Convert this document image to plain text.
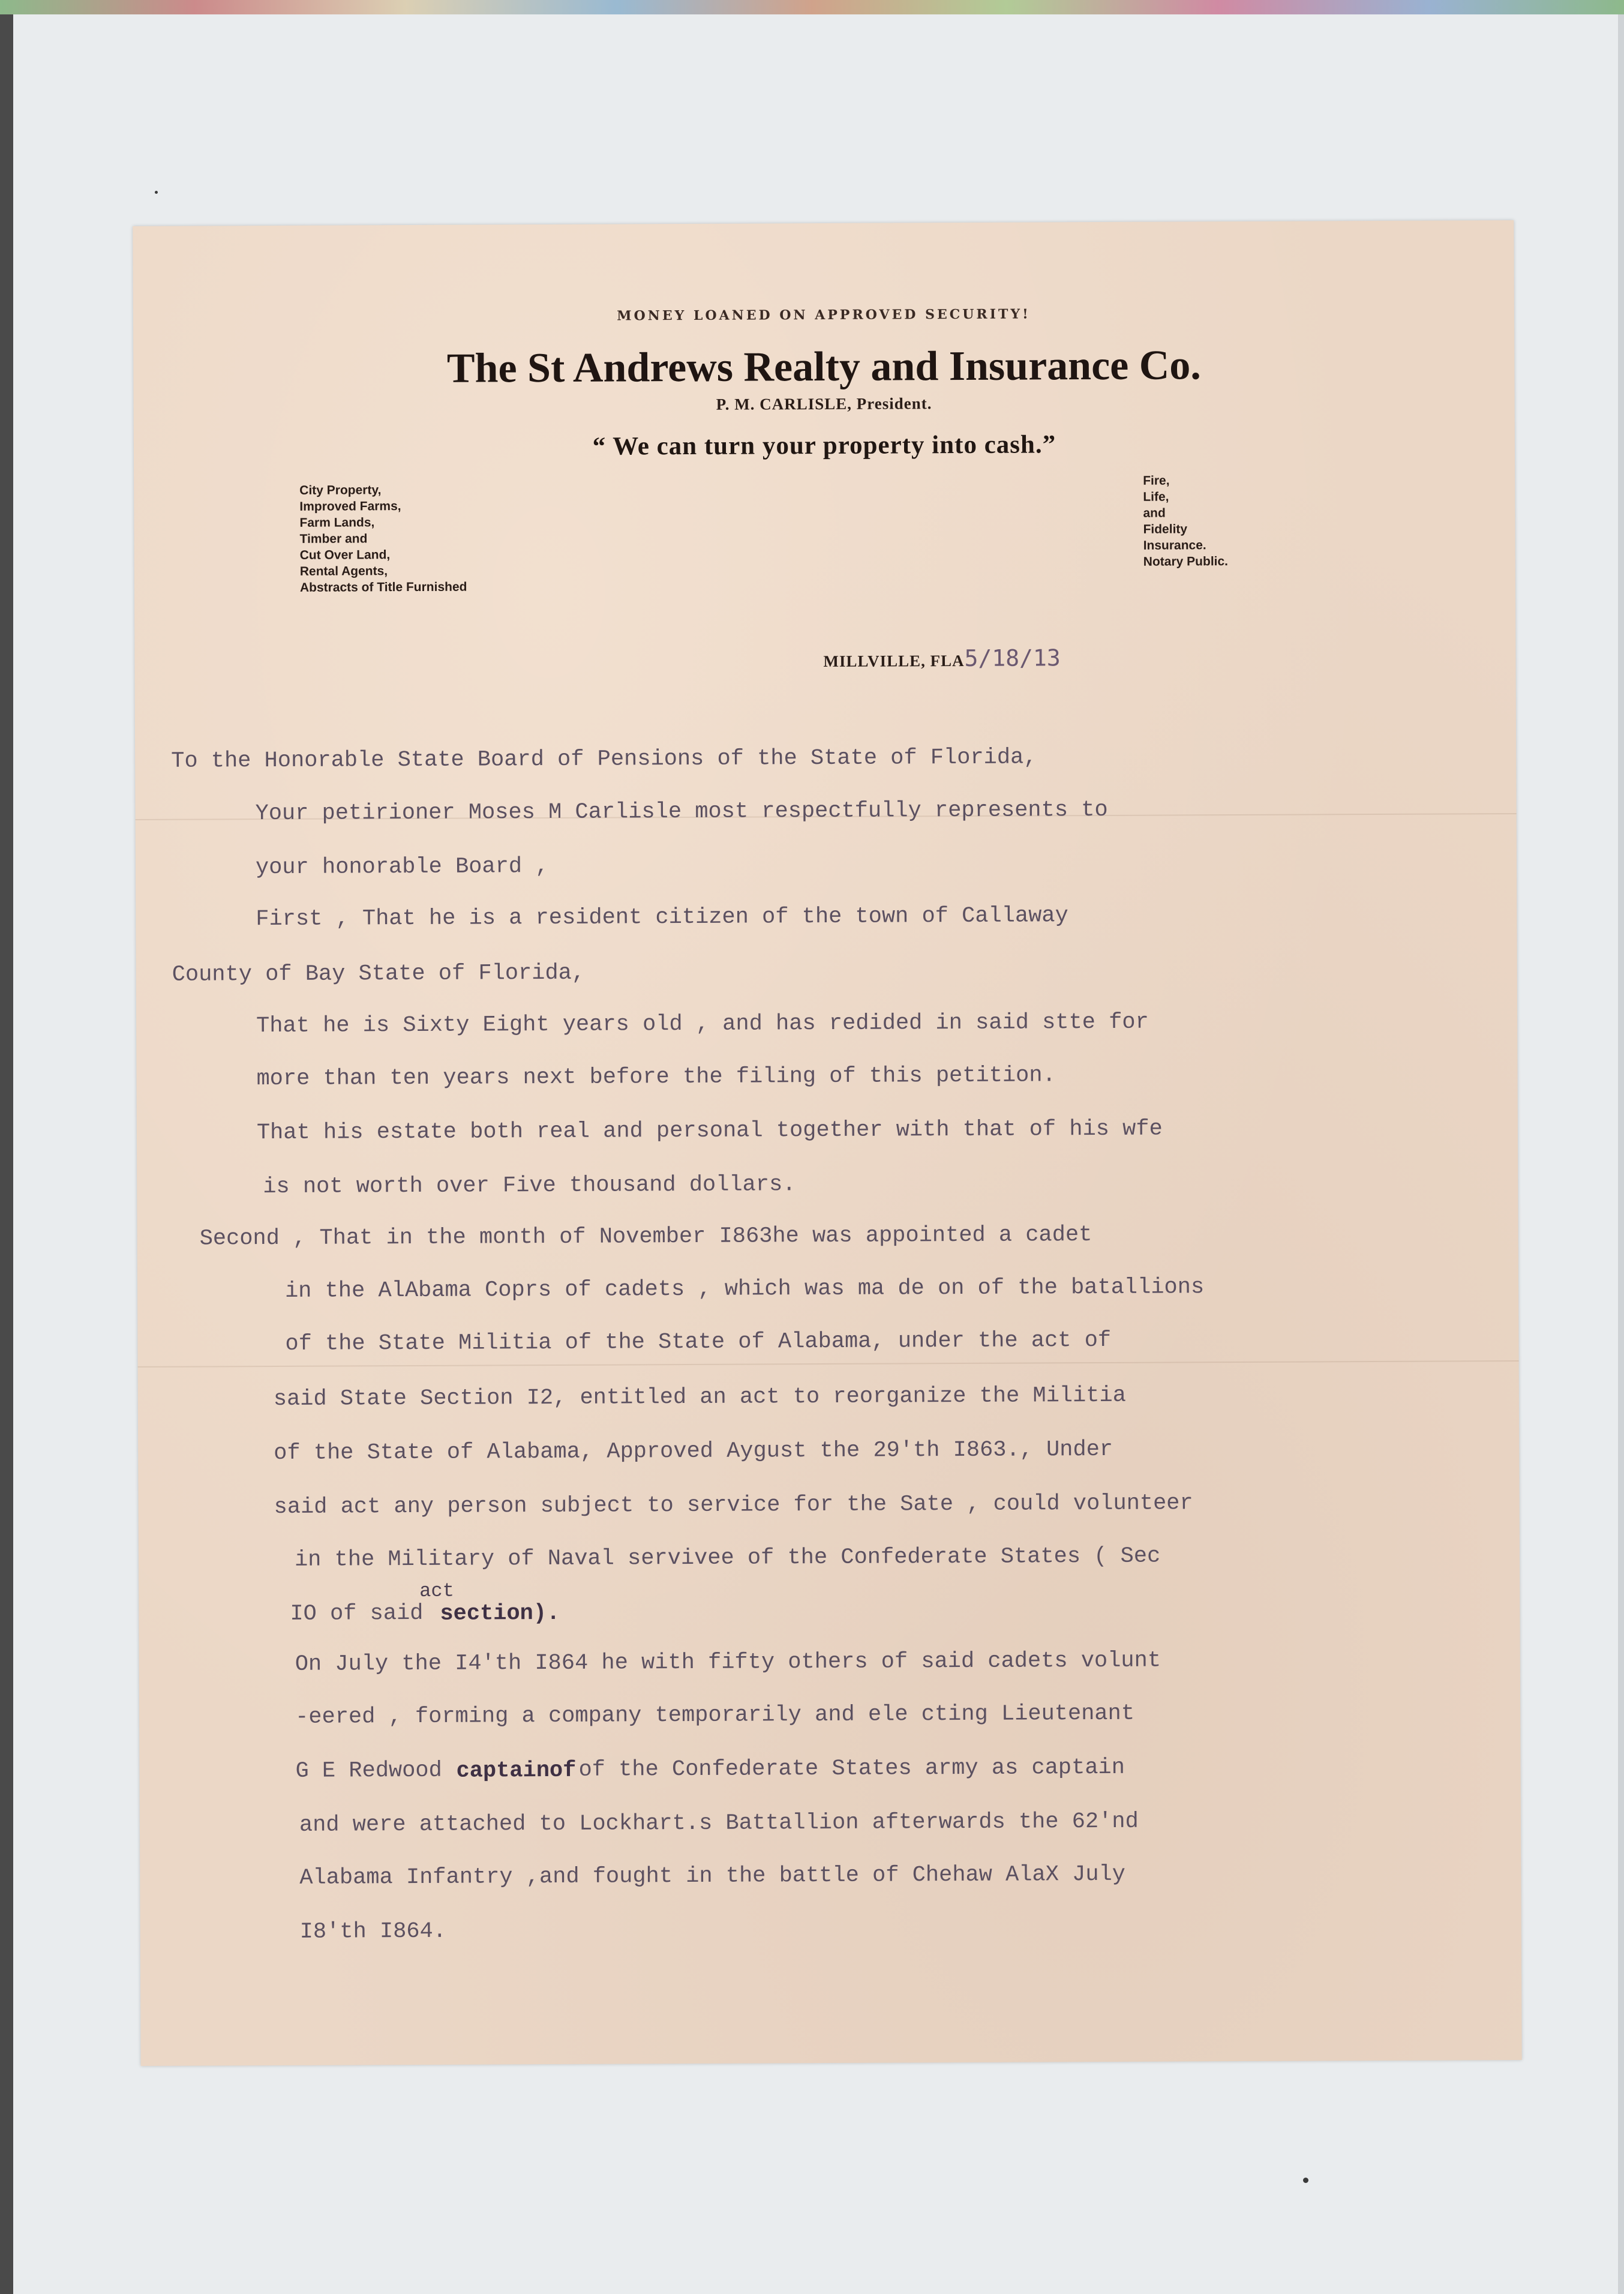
MONEY LOANED ON APPROVED SECURITY!
The St Andrews Realty and Insurance Co.
P. M. CARLISLE, President.
“ We can turn your property into cash.”
City Property,
Improved Farms,
Farm Lands,
Timber and
Cut Over Land,
Rental Agents,
Abstracts of Title Furnished
Fire,
Life,
and
Fidelity
Insurance.
Notary Public.
MILLVILLE, FLA5/18/13
To the Honorable State Board of Pensions of the State of Florida,
Your petirioner Moses M Carlisle most respectfully represents to
your honorable Board ,
First , That he is a resident citizen of the town of Callaway
County of Bay State of Florida,
That he is Sixty Eight years old , and has redided in said stte for
more than ten years next before the filing of this petition.
That his estate both real and personal together with that of his wfe
is not worth over Five thousand dollars.
Second , That in the month of November I863he was appointed a cadet
in the AlAbama Coprs of cadets , which was ma de on of the batallions
of the State Militia of the State of Alabama, under the act of
said State Section I2, entitled an act to reorganize the Militia
of the State of Alabama, Approved Aygust the 29'th I863., Under
said act any person subject to service for the Sate , could volunteer
in the Military of Naval servivee of the Confederate States ( Sec
act
IO of said section).
On July the I4'th I864 he with fifty others of said cadets volunt
-eered , forming a company temporarily and ele cting Lieutenant
G E Redwood captainof of the Confederate States army as captain
and were attached to Lockhart.s Battallion afterwards the 62'nd
Alabama Infantry ,and fought in the battle of Chehaw AlaX July
I8'th I864.
